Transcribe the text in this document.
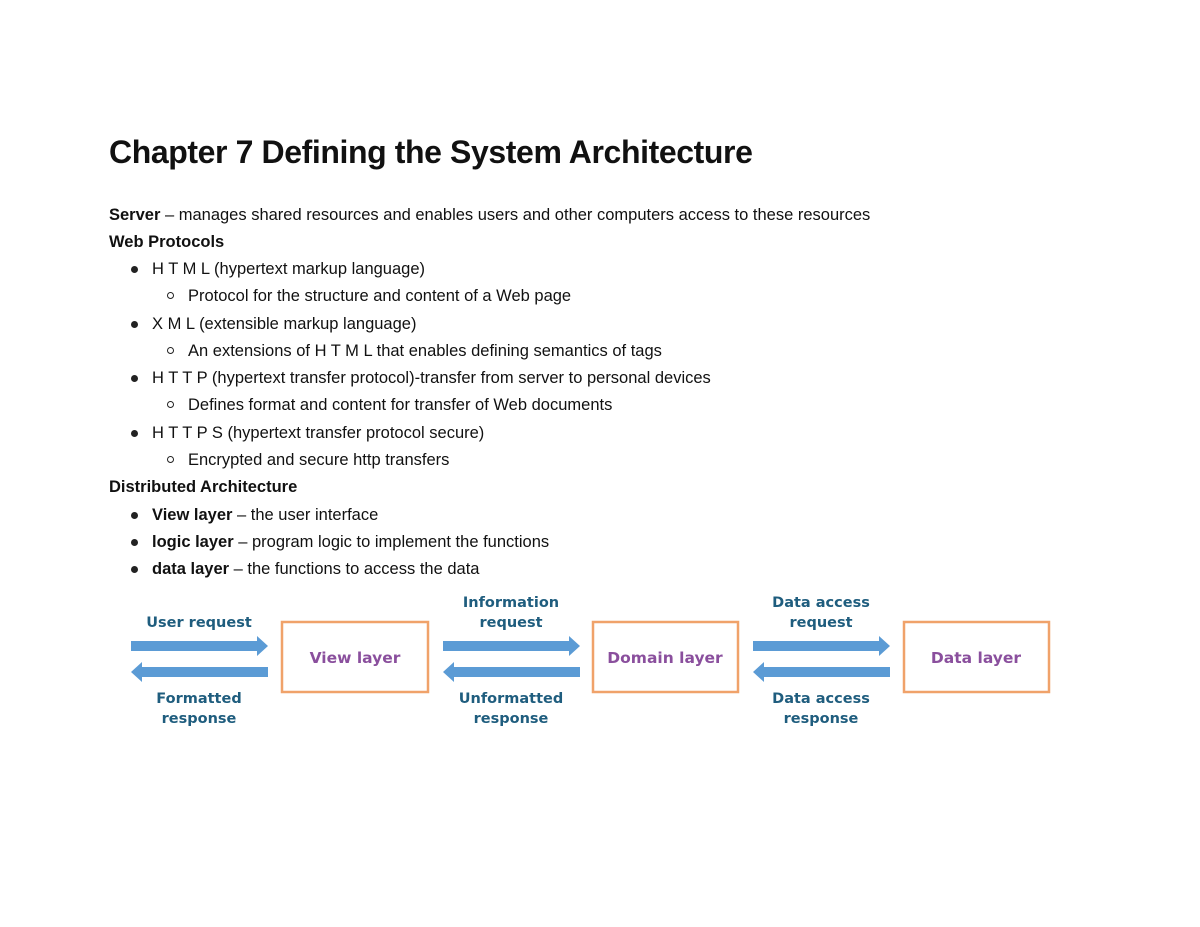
Chapter 7 Defining the System Architecture
Server – manages shared resources and enables users and other computers access to these resources
Web Protocols
H T M L (hypertext markup language)
Protocol for the structure and content of a Web page
X M L (extensible markup language)
An extensions of H T M L that enables defining semantics of tags
H T T P (hypertext transfer protocol)-transfer from server to personal devices
Defines format and content for transfer of Web documents
H T T P S (hypertext transfer protocol secure)
Encrypted and secure http transfers
Distributed Architecture
View layer – the user interface
logic layer – program logic to implement the functions
data layer – the functions to access the data
View layer	Domain layer	Data layer
User request
Information
request
Data access
request
Formatted
response
Unformatted
response
Data access
response
